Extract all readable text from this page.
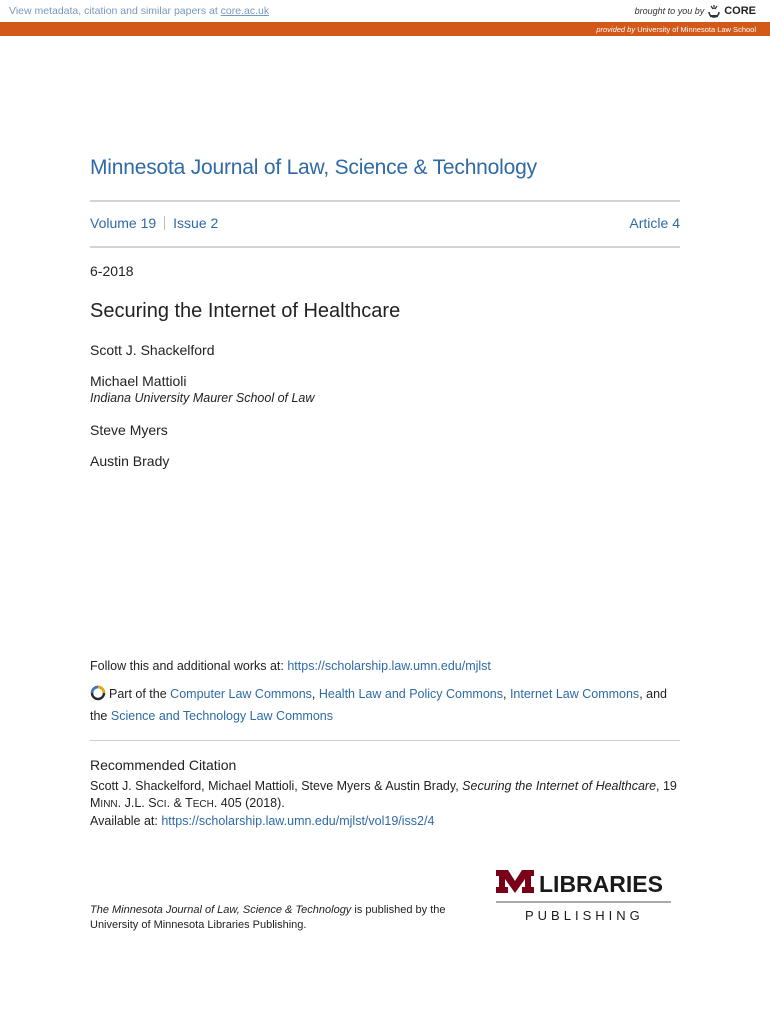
View metadata, citation and similar papers at core.ac.uk	brought to you by CORE
provided by University of Minnesota Law School
Minnesota Journal of Law, Science & Technology
Volume 19 Issue 2	Article 4
6-2018
Securing the Internet of Healthcare
Scott J. Shackelford
Michael Mattioli
Indiana University Maurer School of Law
Steve Myers
Austin Brady
Follow this and additional works at: https://scholarship.law.umn.edu/mjlst
Part of the Computer Law Commons, Health Law and Policy Commons, Internet Law Commons, and
the Science and Technology Law Commons
Recommended Citation
Scott J. Shackelford, Michael Mattioli, Steve Myers & Austin Brady, Securing the Internet of Healthcare, 19
MINN. J.L. SCI. & TECH. 405 (2018).
Available at: https://scholarship.law.umn.edu/mjlst/vol19/iss2/4
The Minnesota Journal of Law, Science & Technology is published by the
University of Minnesota Libraries Publishing.
LIBRARIES
PUBLISHING
